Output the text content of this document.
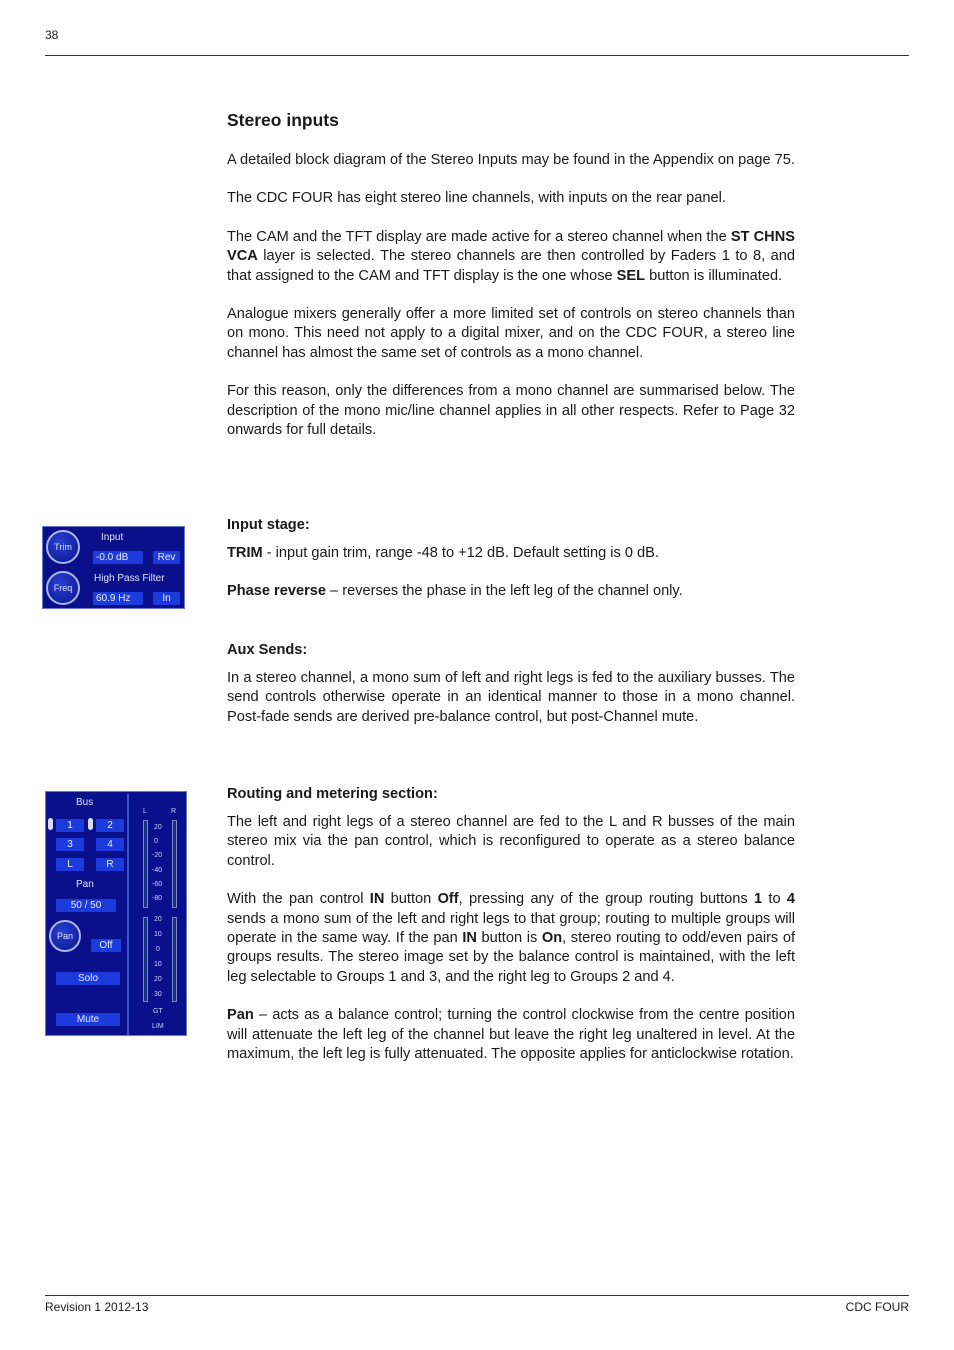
38
Stereo inputs

A detailed block diagram of the Stereo Inputs may be found in the Appendix on page 75.

The CDC FOUR has eight stereo line channels, with inputs on the rear panel.

The CAM and the TFT display are made active for a stereo channel when the ST CHNS VCA layer is selected. The stereo channels are then controlled by Faders 1 to 8, and that assigned to the CAM and TFT display is the one whose SEL button is illuminated.

Analogue mixers generally offer a more limited set of controls on stereo channels than on mono. This need not apply to a digital mixer, and on the CDC FOUR, a stereo line channel has almost the same set of controls as a mono channel.

For this reason, only the differences from a mono channel are summarised below. The description of the mono mic/line channel applies in all other respects. Refer to Page 32 onwards for full details.

Input stage:

TRIM - input gain trim, range -48 to +12 dB. Default setting is 0 dB.

Phase reverse – reverses the phase in the left leg of the channel only.

Trim
Input
-0.0 dB	Rev
Freq
High Pass Filter
60.9 Hz	In
Aux Sends:
In a stereo channel, a mono sum of left and right legs is fed to the auxiliary busses. The send controls otherwise operate in an identical manner to those in a mono channel. Post-fade sends are derived pre-balance control, but post-Channel mute.
Routing and metering section:

The left and right legs of a stereo channel are fed to the L and R busses of the main stereo mix via the pan control, which is reconfigured to operate as a stereo balance control.

With the pan control IN button Off, pressing any of the group routing buttons 1 to 4 sends a mono sum of the left and right legs to that group; routing to multiple groups will operate in the same way. If the pan IN button is On, stereo routing to odd/even pairs of groups results. The stereo image set by the balance control is maintained, with the left leg selectable to Groups 1 and 3, and the right leg to Groups 2 and 4.

Pan – acts as a balance control; turning the control clockwise from the centre position will attenuate the left leg of the channel but leave the right leg unaltered in level. At the maximum, the left leg is fully attenuated. The opposite applies for anticlockwise rotation.

Bus
1	2
3	4
L	R
Pan
50 / 50
Pan
Off
Solo
Mute
L	R
20
0
-20
-40
-60
-80
20
10
0
10
20
30
GT
LIM
Revision 1 2012-13	CDC FOUR
